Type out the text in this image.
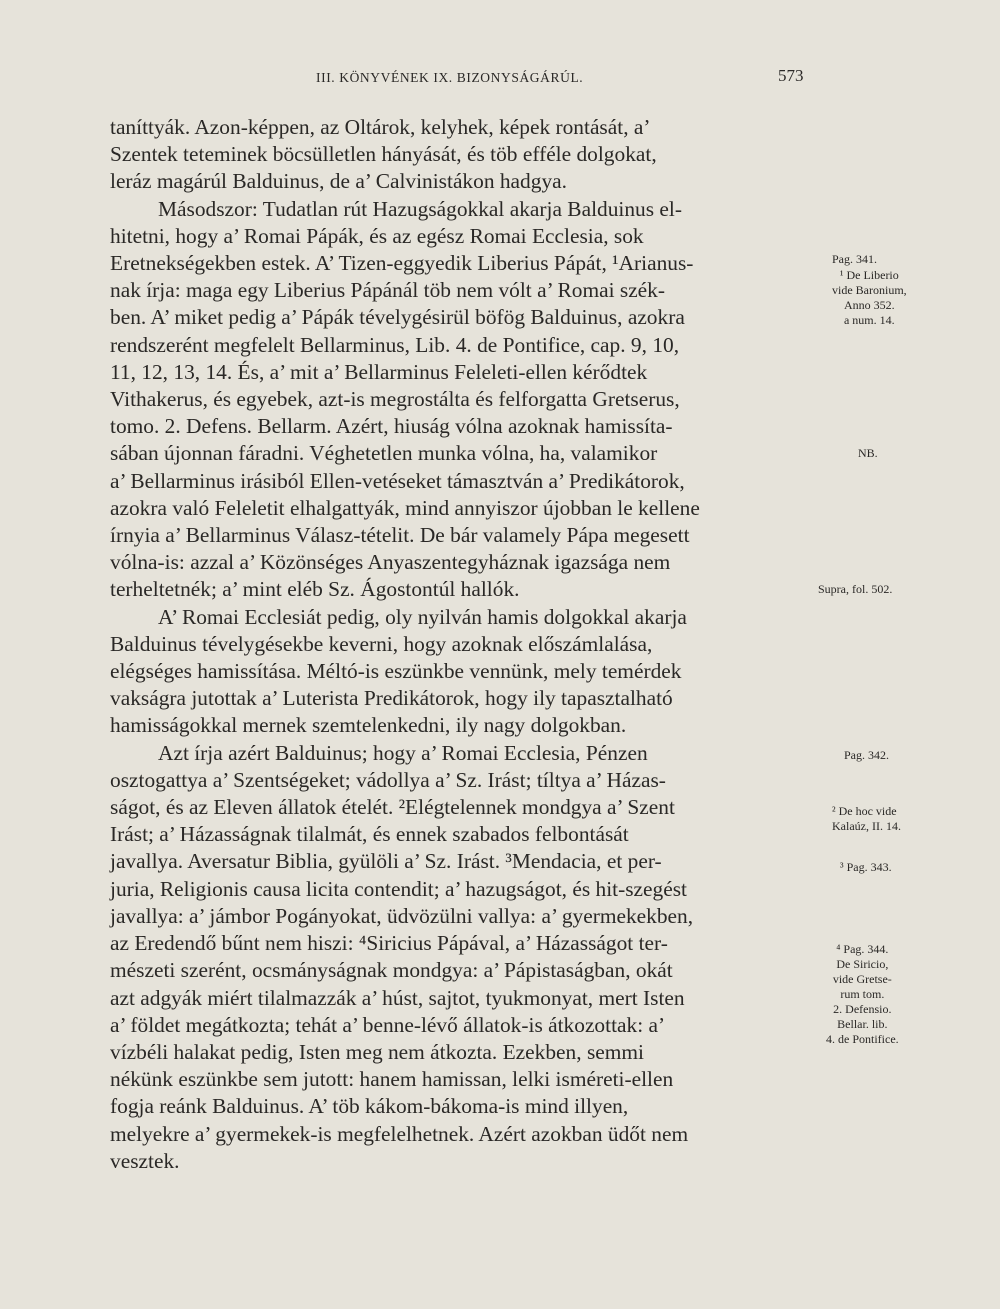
III. KÖNYVÉNEK IX. BIZONYSÁGÁRÚL.	573
taníttyák. Azon-képpen, az Oltárok, kelyhek, képek rontását, a’
Szentek teteminek böcsülletlen hányását, és töb efféle dolgokat,
leráz magárúl Balduinus, de a’ Calvinistákon hadgya.
Másodszor: Tudatlan rút Hazugságokkal akarja Balduinus el-
hitetni, hogy a’ Romai Pápák, és az egész Romai Ecclesia, sok
Eretnekségekben estek. A’ Tizen-eggyedik Liberius Pápát, ¹Arianus-
nak írja: maga egy Liberius Pápánál töb nem vólt a’ Romai szék-
ben. A’ miket pedig a’ Pápák tévelygésirül böfög Balduinus, azokra
rendszerént megfelelt Bellarminus, Lib. 4. de Pontifice, cap. 9, 10,
11, 12, 13, 14. És, a’ mit a’ Bellarminus Feleleti-ellen kérődtek
Vithakerus, és egyebek, azt-is megrostálta és felforgatta Gretserus,
tomo. 2. Defens. Bellarm. Azért, hiuság vólna azoknak hamissíta-
sában újonnan fáradni. Véghetetlen munka vólna, ha, valamikor
a’ Bellarminus irásiból Ellen-vetéseket támasztván a’ Predikátorok,
azokra való Feleletit elhalgattyák, mind annyiszor újobban le kellene
írnyia a’ Bellarminus Válasz-tételit. De bár valamely Pápa megesett
vólna-is: azzal a’ Közönséges Anyaszentegyháznak igazsága nem
terheltetnék; a’ mint eléb Sz. Ágostontúl hallók.
A’ Romai Ecclesiát pedig, oly nyilván hamis dolgokkal akarja
Balduinus tévelygésekbe keverni, hogy azoknak előszámlalása,
elégséges hamissítása. Méltó-is eszünkbe vennünk, mely temérdek
vakságra jutottak a’ Luterista Predikátorok, hogy ily tapasztalható
hamisságokkal mernek szemtelenkedni, ily nagy dolgokban.
Azt írja azért Balduinus; hogy a’ Romai Ecclesia, Pénzen
osztogattya a’ Szentségeket; vádollya a’ Sz. Irást; tíltya a’ Házas-
ságot, és az Eleven állatok ételét. ²Elégtelennek mondgya a’ Szent
Irást; a’ Házasságnak tilalmát, és ennek szabados felbontását
javallya. Aversatur Biblia, gyülöli a’ Sz. Irást. ³Mendacia, et per-
juria, Religionis causa licita contendit; a’ hazugságot, és hit-szegést
javallya: a’ jámbor Pogányokat, üdvözülni vallya: a’ gyermekekben,
az Eredendő bűnt nem hiszi: ⁴Siricius Pápával, a’ Házasságot ter-
mészeti szerént, ocsmányságnak mondgya: a’ Pápistaságban, okát
azt adgyák miért tilalmazzák a’ húst, sajtot, tyukmonyat, mert Isten
a’ földet megátkozta; tehát a’ benne-lévő állatok-is átkozottak: a’
vízbéli halakat pedig, Isten meg nem átkozta. Ezekben, semmi
nékünk eszünkbe sem jutott: hanem hamissan, lelki isméreti-ellen
fogja reánk Balduinus. A’ töb kákom-bákoma-is mind illyen,
melyekre a’ gyermekek-is megfelelhetnek. Azért azokban üdőt nem
vesztek.
Pag. 341.
¹ De Liberio
vide Baronium,
Anno 352.
a num. 14.
NB.
Supra, fol. 502.
Pag. 342.
² De hoc vide
Kalaúz, II. 14.
³ Pag. 343.
⁴ Pag. 344.
De Siricio,
vide Gretse-
rum tom.
2. Defensio.
Bellar. lib.
4. de Pontifice.
